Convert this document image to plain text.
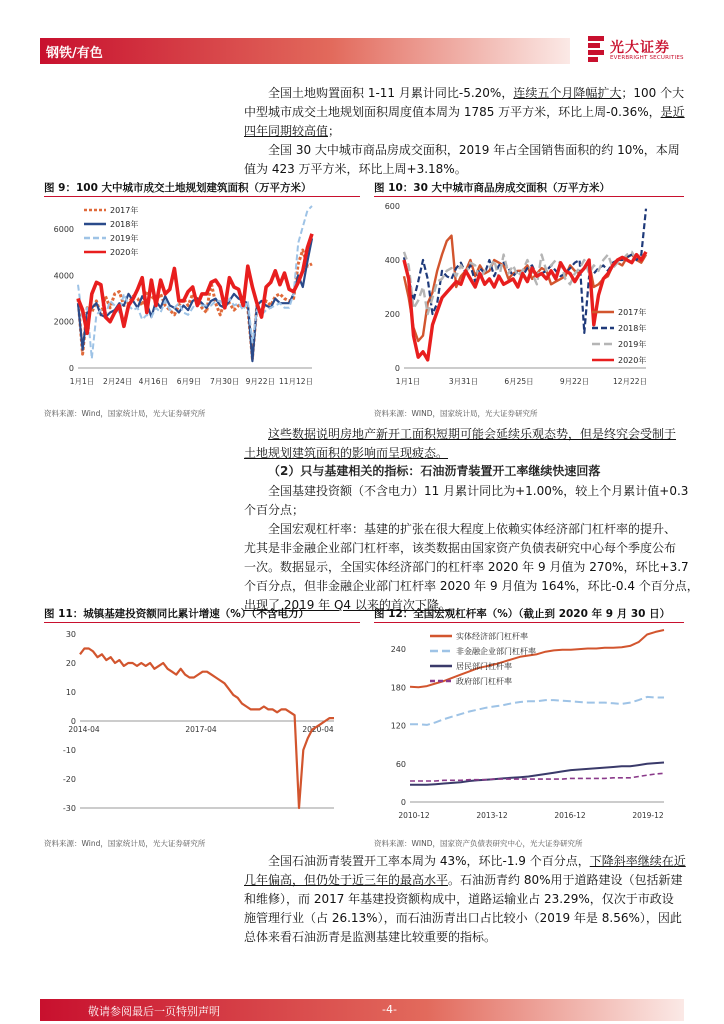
钢铁/有色	光大证券
EVERBRIGHT SECURITIES
全国土地购置面积 1-11 月累计同比-5.20%，连续五个月降幅扩大；100 个大
中型城市成交土地规划面积周度值本周为 1785 万平方米，环比上周-0.36%，是近
四年同期较高值；
全国 30 大中城市商品房成交面积，2019 年占全国销售面积的约 10%，本周
值为 423 万平方米，环比上周+3.18%。
图 9：100 大中城市成交土地规划建筑面积（万平方米）	图 10：30 大中城市商品房成交面积（万平方米）
0
2000
4000
6000
1月1日 2月24日 4月16日 6月9日 7月30日 9月22日 11月12日
2017年
2018年
2019年
2020年
0
200
400
600
1月1日	3月31日	6月25日	9月22日	12月22日
2017年
2018年
2019年
2020年
资料来源：Wind，国家统计局，光大证券研究所	资料来源：WIND，国家统计局，光大证券研究所
这些数据说明房地产新开工面积短期可能会延续乐观态势，但是终究会受制于
土地规划建筑面积的影响而呈现疲态。
（2）只与基建相关的指标：石油沥青装置开工率继续快速回落
全国基建投资额（不含电力）11 月累计同比为+1.00%，较上个月累计值+0.3
个百分点；
全国宏观杠杆率：基建的扩张在很大程度上依赖实体经济部门杠杆率的提升、
尤其是非金融企业部门杠杆率，该类数据由国家资产负债表研究中心每个季度公布
一次。数据显示，全国实体经济部门的杠杆率 2020 年 9 月值为 270%，环比+3.7
个百分点，但非金融企业部门杠杆率 2020 年 9 月值为 164%，环比-0.4 个百分点，
出现了 2019 年 Q4 以来的首次下降。
图 11：城镇基建投资额同比累计增速（%）（不含电力）	图 12：全国宏观杠杆率（%）（截止到 2020 年 9 月 30 日）
30
20
10
0
-10
-20
-30
2014-04	2017-04	2020-04
0
60
120
180
240
2010-12	2013-12	2016-12	2019-12
实体经济部门杠杆率
非金融企业部门杠杆率
居民部门杠杆率
政府部门杠杆率
资料来源：Wind，国家统计局，光大证券研究所	资料来源：WIND，国家资产负债表研究中心，光大证券研究所
全国石油沥青装置开工率本周为 43%，环比-1.9 个百分点，下降斜率继续在近
几年偏高，但仍处于近三年的最高水平。石油沥青约 80%用于道路建设（包括新建
和维修），而 2017 年基建投资额构成中，道路运输业占 23.29%，仅次于市政设
施管理行业（占 26.13%），而石油沥青出口占比较小（2019 年是 8.56%），因此
总体来看石油沥青是监测基建比较重要的指标。
敬请参阅最后一页特别声明	-4-
